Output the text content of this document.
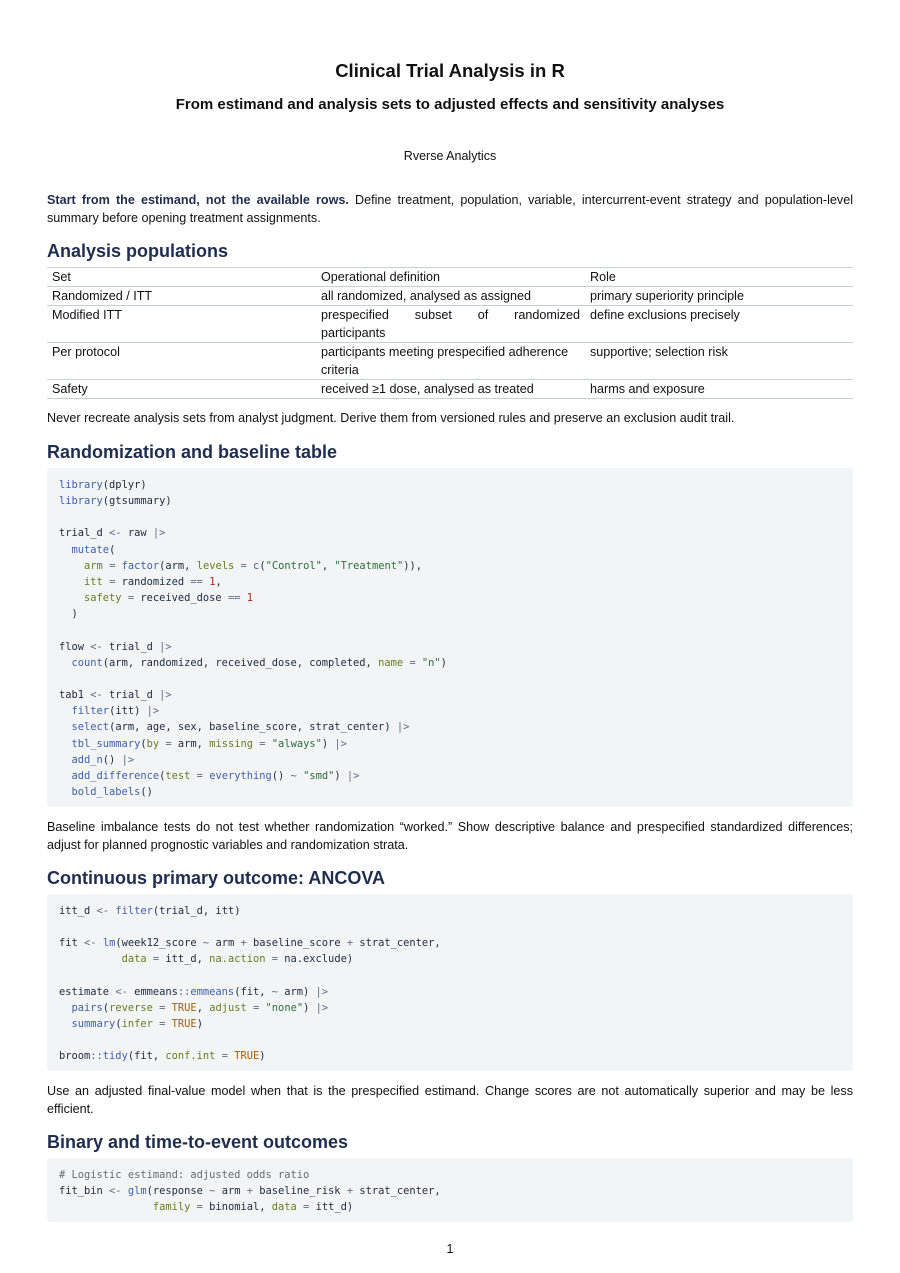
Clinical Trial Analysis in R
From estimand and analysis sets to adjusted effects and sensitivity analyses
Rverse Analytics

Start from the estimand, not the available rows. Define treatment, population, variable, intercurrent-event strategy and population-level summary before opening treatment assignments.

Analysis populations
Set	Operational definition	Role
Randomized / ITT	all randomized, analysed as assigned	primary superiority principle
Modified ITT	prespecified subset of randomized participants	define exclusions precisely
Per protocol	participants meeting prespecified adherence criteria	supportive; selection risk
Safety	received ≥1 dose, analysed as treated	harms and exposure

Never recreate analysis sets from analyst judgment. Derive them from versioned rules and preserve an exclusion audit trail.

Randomization and baseline table
library(dplyr)
library(gtsummary)

trial_d <- raw |>
mutate(
arm = factor(arm, levels = c("Control", "Treatment")),
itt = randomized == 1,
safety = received_dose == 1
)

flow <- trial_d |>
count(arm, randomized, received_dose, completed, name = "n")

tab1 <- trial_d |>
filter(itt) |>
select(arm, age, sex, baseline_score, strat_center) |>
tbl_summary(by = arm, missing = "always") |>
add_n() |>
add_difference(test = everything() ~ "smd") |>
bold_labels()

Baseline imbalance tests do not test whether randomization “worked.” Show descriptive balance and prespecified standardized differences; adjust for planned prognostic variables and randomization strata.

Continuous primary outcome: ANCOVA
itt_d <- filter(trial_d, itt)

fit <- lm(week12_score ~ arm + baseline_score + strat_center,
data = itt_d, na.action = na.exclude)

estimate <- emmeans::emmeans(fit, ~ arm) |>
pairs(reverse = TRUE, adjust = "none") |>
summary(infer = TRUE)

broom::tidy(fit, conf.int = TRUE)

Use an adjusted final-value model when that is the prespecified estimand. Change scores are not automatically superior and may be less efficient.

Binary and time-to-event outcomes
# Logistic estimand: adjusted odds ratio
fit_bin <- glm(response ~ arm + baseline_risk + strat_center,
family = binomial, data = itt_d)
1
